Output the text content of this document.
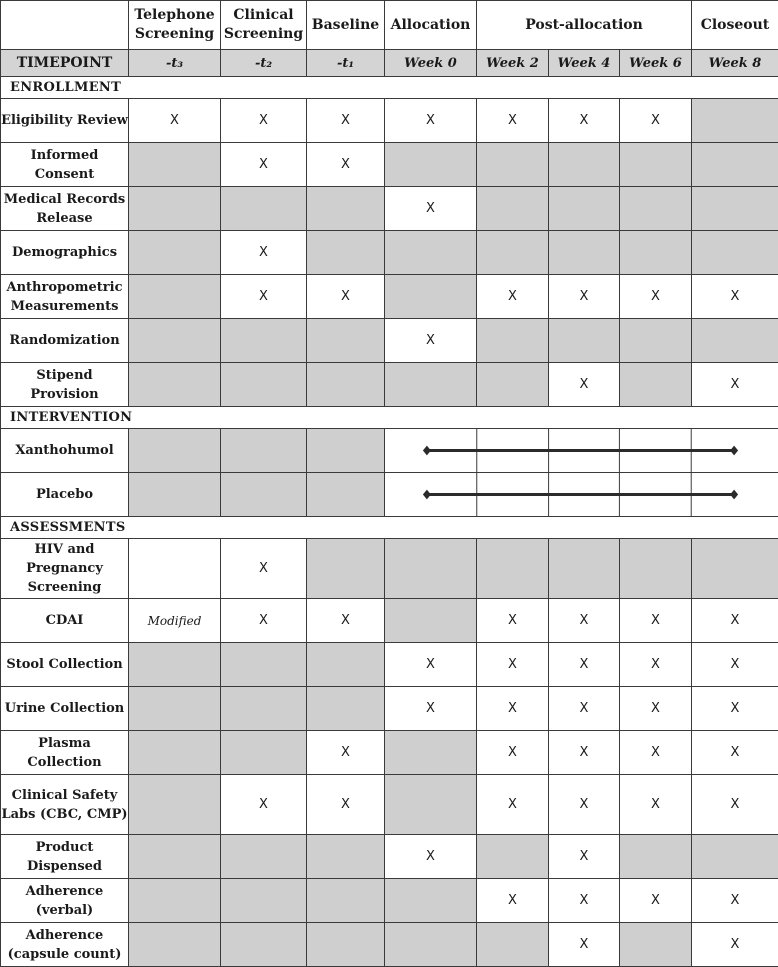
	Telephone Screening	Clinical Screening	Baseline	Allocation	Post-allocation			Closeout
TIMEPOINT	-t₃	-t₂	-t₁	Week 0	Week 2	Week 4	Week 6	Week 8
ENROLLMENT								
Eligibility Review	X	X	X	X	X	X	X	
Informed Consent		X	X					
Medical Records Release				X				
Demographics		X						
Anthropometric Measurements		X	X		X	X	X	X
Randomization				X				
Stipend Provision						X		X
INTERVENTION								
Xanthohumol				

Placebo				

ASSESSMENTS								
HIV and Pregnancy Screening		X						
CDAI	Modified	X	X		X	X	X	X
Stool Collection				X	X	X	X	X
Urine Collection				X	X	X	X	X
Plasma Collection			X		X	X	X	X
Clinical Safety Labs (CBC, CMP)		X	X		X	X	X	X
Product Dispensed				X		X		
Adherence (verbal)					X	X	X	X
Adherence (capsule count)						X		X
